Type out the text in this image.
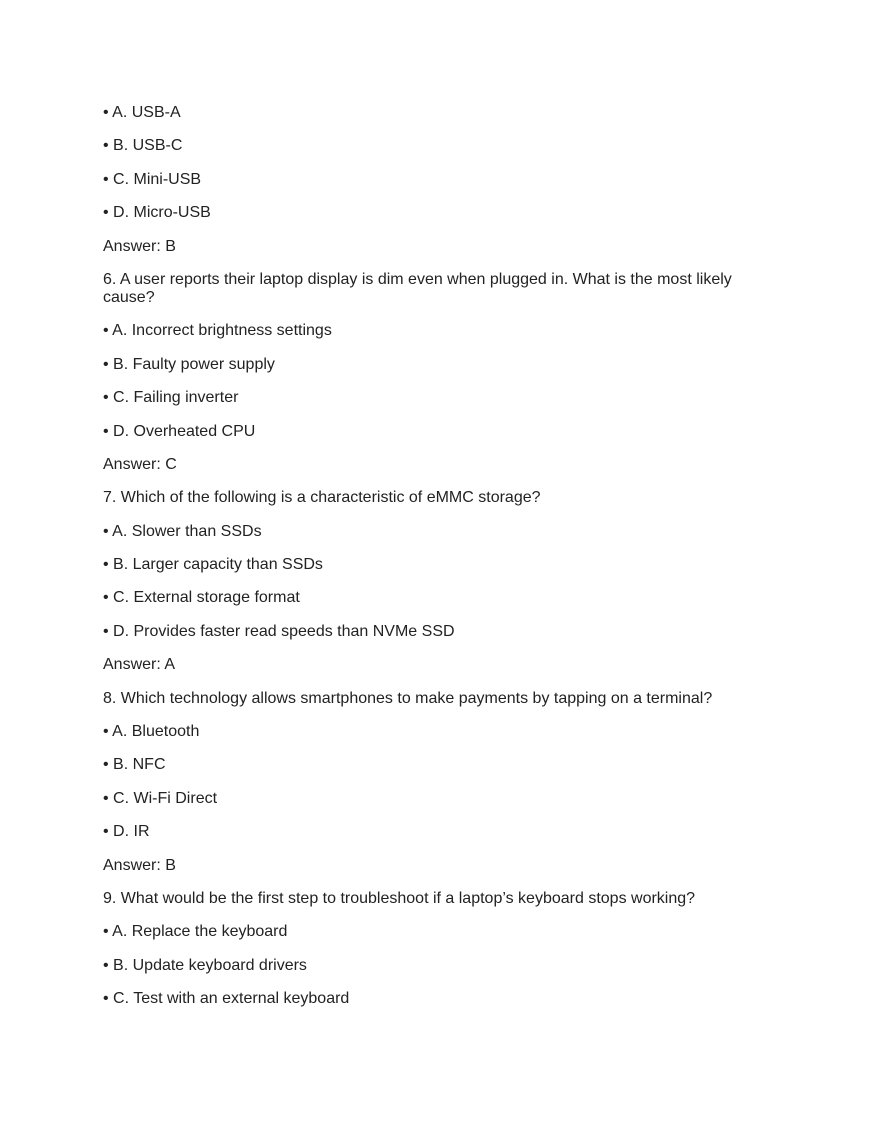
• A. USB-A

• B. USB-C

• C. Mini-USB

• D. Micro-USB

Answer: B

6. A user reports their laptop display is dim even when plugged in. What is the most likely cause?

• A. Incorrect brightness settings

• B. Faulty power supply

• C. Failing inverter

• D. Overheated CPU

Answer: C

7. Which of the following is a characteristic of eMMC storage?

• A. Slower than SSDs

• B. Larger capacity than SSDs

• C. External storage format

• D. Provides faster read speeds than NVMe SSD

Answer: A

8. Which technology allows smartphones to make payments by tapping on a terminal?

• A. Bluetooth

• B. NFC

• C. Wi-Fi Direct

• D. IR

Answer: B

9. What would be the first step to troubleshoot if a laptop’s keyboard stops working?

• A. Replace the keyboard

• B. Update keyboard drivers

• C. Test with an external keyboard
